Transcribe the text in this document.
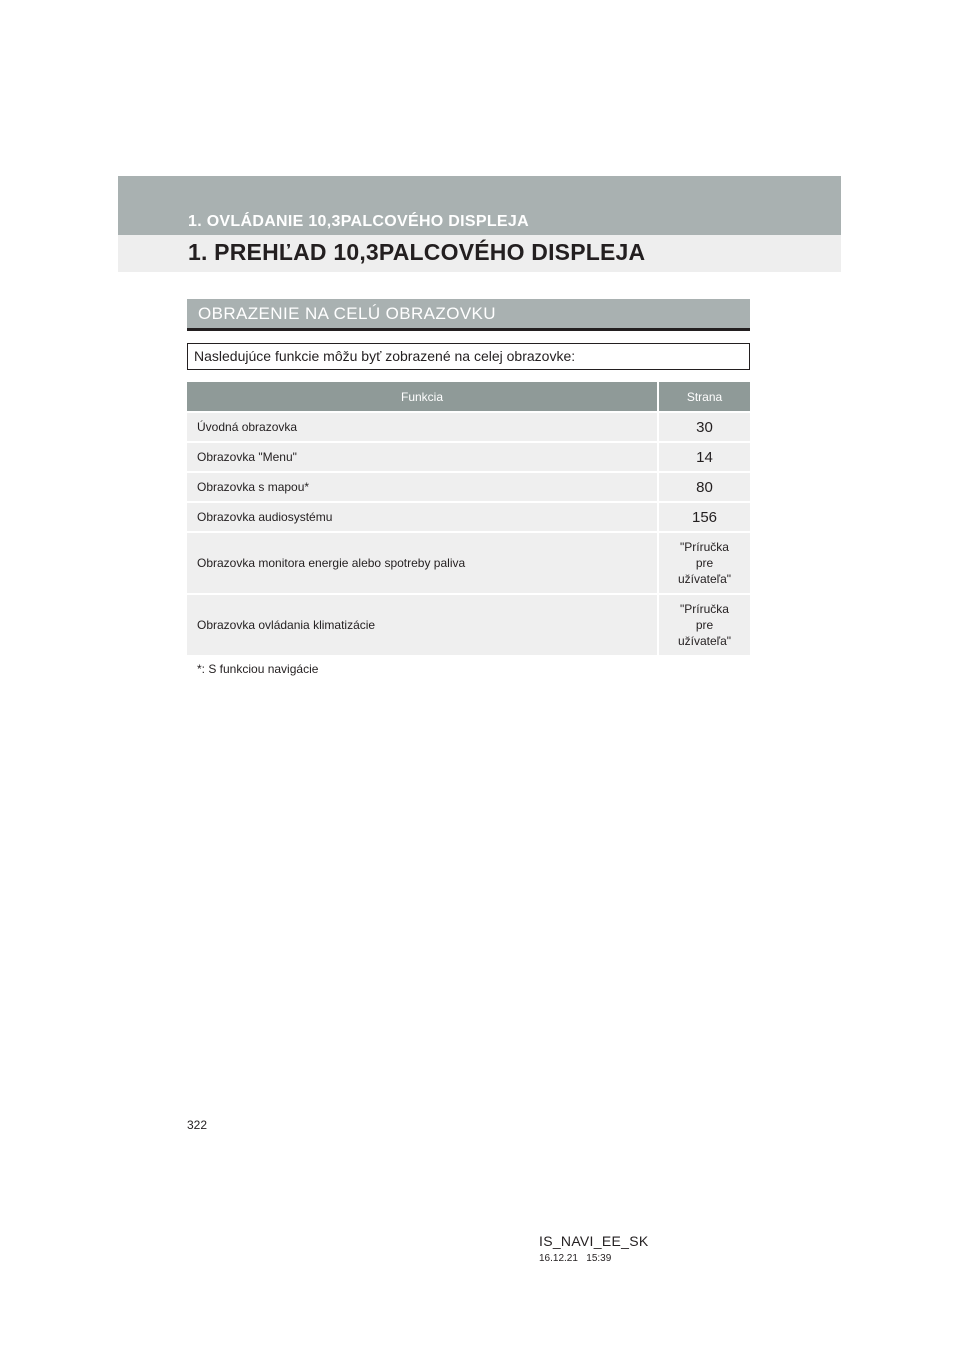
1. OVLÁDANIE 10,3PALCOVÉHO DISPLEJA
1. PREHĽAD 10,3PALCOVÉHO DISPLEJA
OBRAZENIE NA CELÚ OBRAZOVKU
Nasledujúce funkcie môžu byť zobrazené na celej obrazovke:
Funkcia	Strana
Úvodná obrazovka	30
Obrazovka "Menu"	14
Obrazovka s mapou*	80
Obrazovka audiosystému	156
Obrazovka monitora energie alebo spotreby paliva	"Príručka
pre
užívateľa"

Obrazovka ovládania klimatizácie	"Príručka
pre
užívateľa"
*: S funkciou navigácie
322
IS_NAVI_EE_SK
16.12.21   15:39
